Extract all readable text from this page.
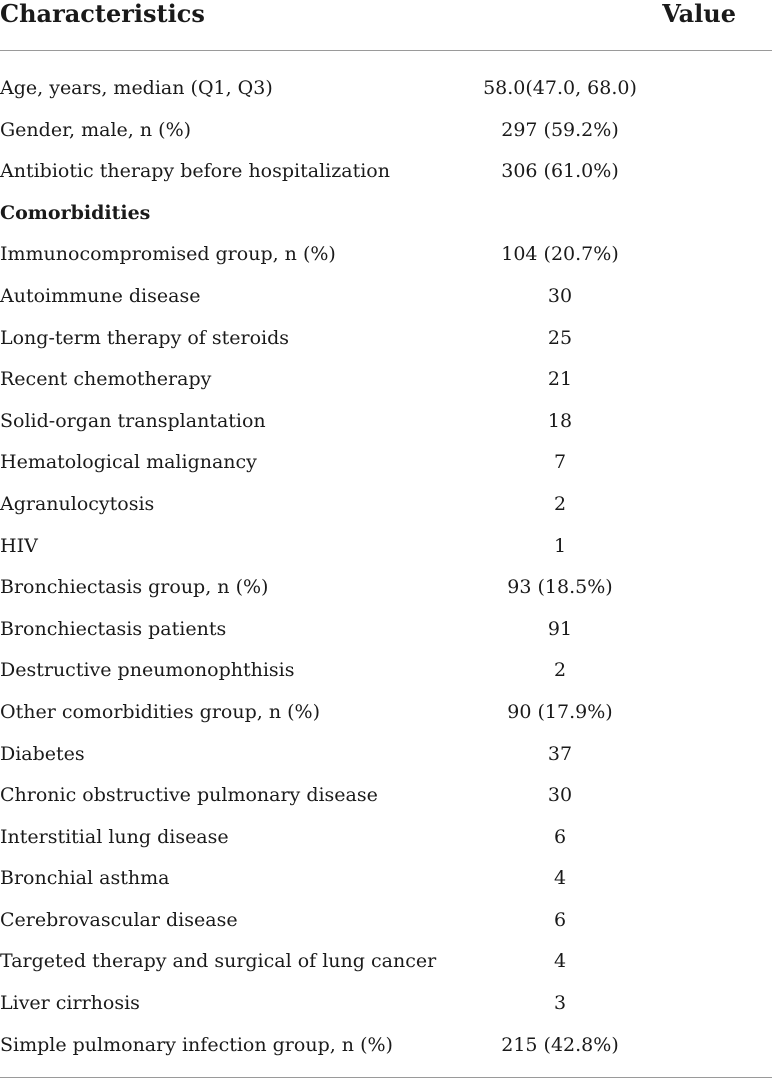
Characteristics	Value
Age, years, median (Q1, Q3)	58.0(47.0, 68.0)
Gender, male, n (%)	297 (59.2%)
Antibiotic therapy before hospitalization	306 (61.0%)
Comorbidities
Immunocompromised group, n (%)	104 (20.7%)
Autoimmune disease	30
Long-term therapy of steroids	25
Recent chemotherapy	21
Solid-organ transplantation	18
Hematological malignancy	7
Agranulocytosis	2
HIV	1
Bronchiectasis group, n (%)	93 (18.5%)
Bronchiectasis patients	91
Destructive pneumonophthisis	2
Other comorbidities group, n (%)	90 (17.9%)
Diabetes	37
Chronic obstructive pulmonary disease	30
Interstitial lung disease	6
Bronchial asthma	4
Cerebrovascular disease	6
Targeted therapy and surgical of lung cancer	4
Liver cirrhosis	3
Simple pulmonary infection group, n (%)	215 (42.8%)
